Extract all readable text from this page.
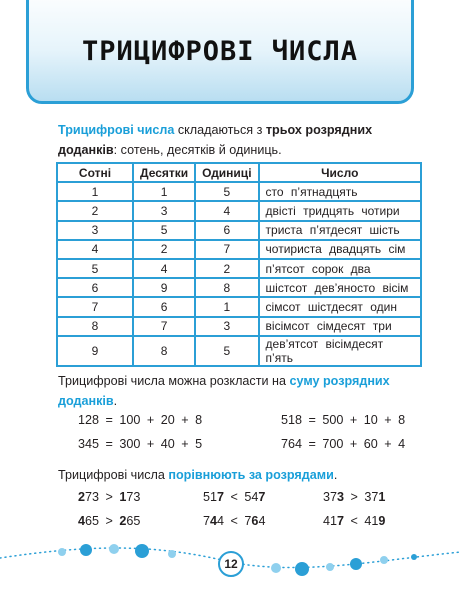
ТРИЦИФРОВІ ЧИСЛА
Трицифрові числа складаються з трьох розрядних доданків: сотень, десятків й одиниць.
Сотні	Десятки	Одиниці	Число
1	1	5	сто п’ятнадцять
2	3	4	двісті тридцять чотири
3	5	6	триста п’ятдесят шість
4	2	7	чотириста двадцять сім
5	4	2	п’ятсот сорок два
6	9	8	шістсот дев’яносто вісім
7	6	1	сімсот шістдесят один
8	7	3	вісімсот сімдесят три
9	8	5	дев’ятсот вісімдесят п’ять
Трицифрові числа можна розкласти на суму розрядних доданків.
128 = 100 + 20 + 8	518 = 500 + 10 + 8
345 = 300 + 40 + 5	764 = 700 + 60 + 4
Трицифрові числа порівнюють за розрядами.
273 > 173	517 < 547	373 > 371
465 > 265	744 < 764	417 < 419
12
